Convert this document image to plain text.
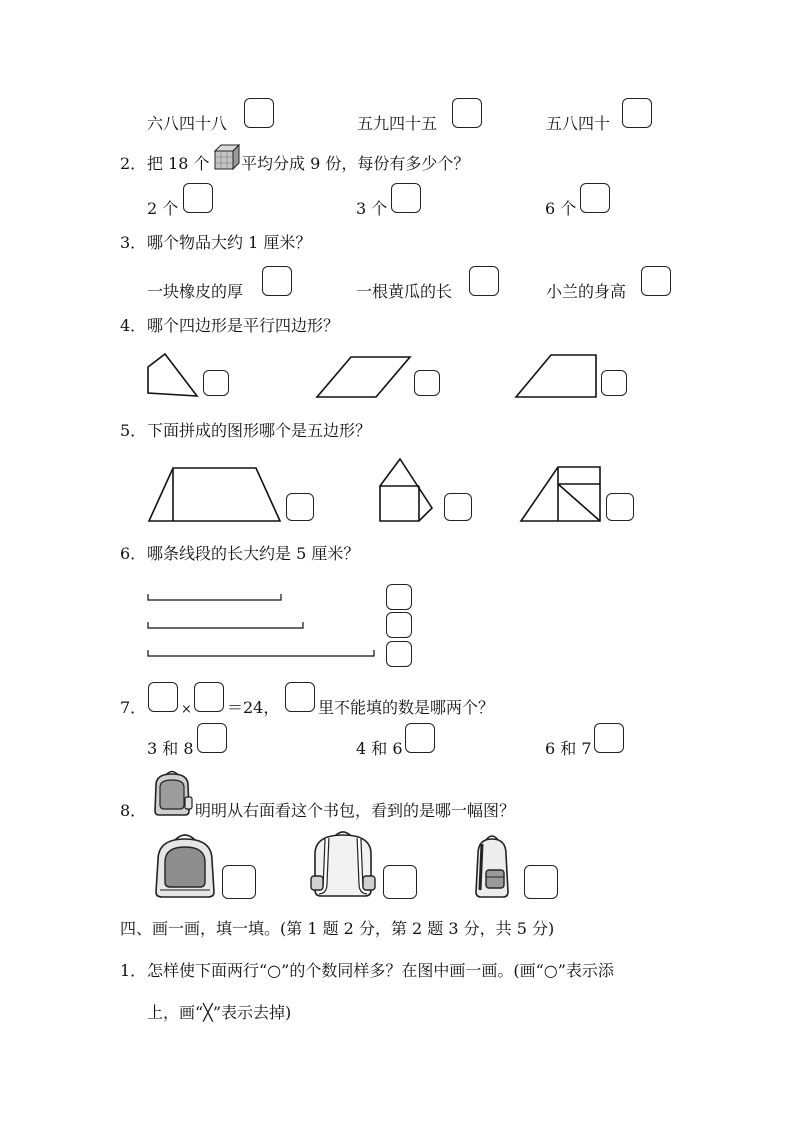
六八四十八	五九四十五	五八四十
2． 把 18 个 平均分成 9 份，每份有多少个？
2 个	3 个	6 个
3． 哪个物品大约 1 厘米？
一块橡皮的厚	一根黄瓜的长	小兰的身高
4． 哪个四边形是平行四边形？
5． 下面拼成的图形哪个是五边形？
6． 哪条线段的长大约是 5 厘米？
7．	× ＝24， 里不能填的数是哪两个？
3 和 8	4 和 6	6 和 7
8．	明明从右面看这个书包，看到的是哪一幅图？
四、画一画，填一填。(第 1 题 2 分，第 2 题 3 分，共 5 分)
1． 怎样使下面两行“○”的个数同样多？在图中画一画。(画“○”表示添
上，画“╳”表示去掉)
